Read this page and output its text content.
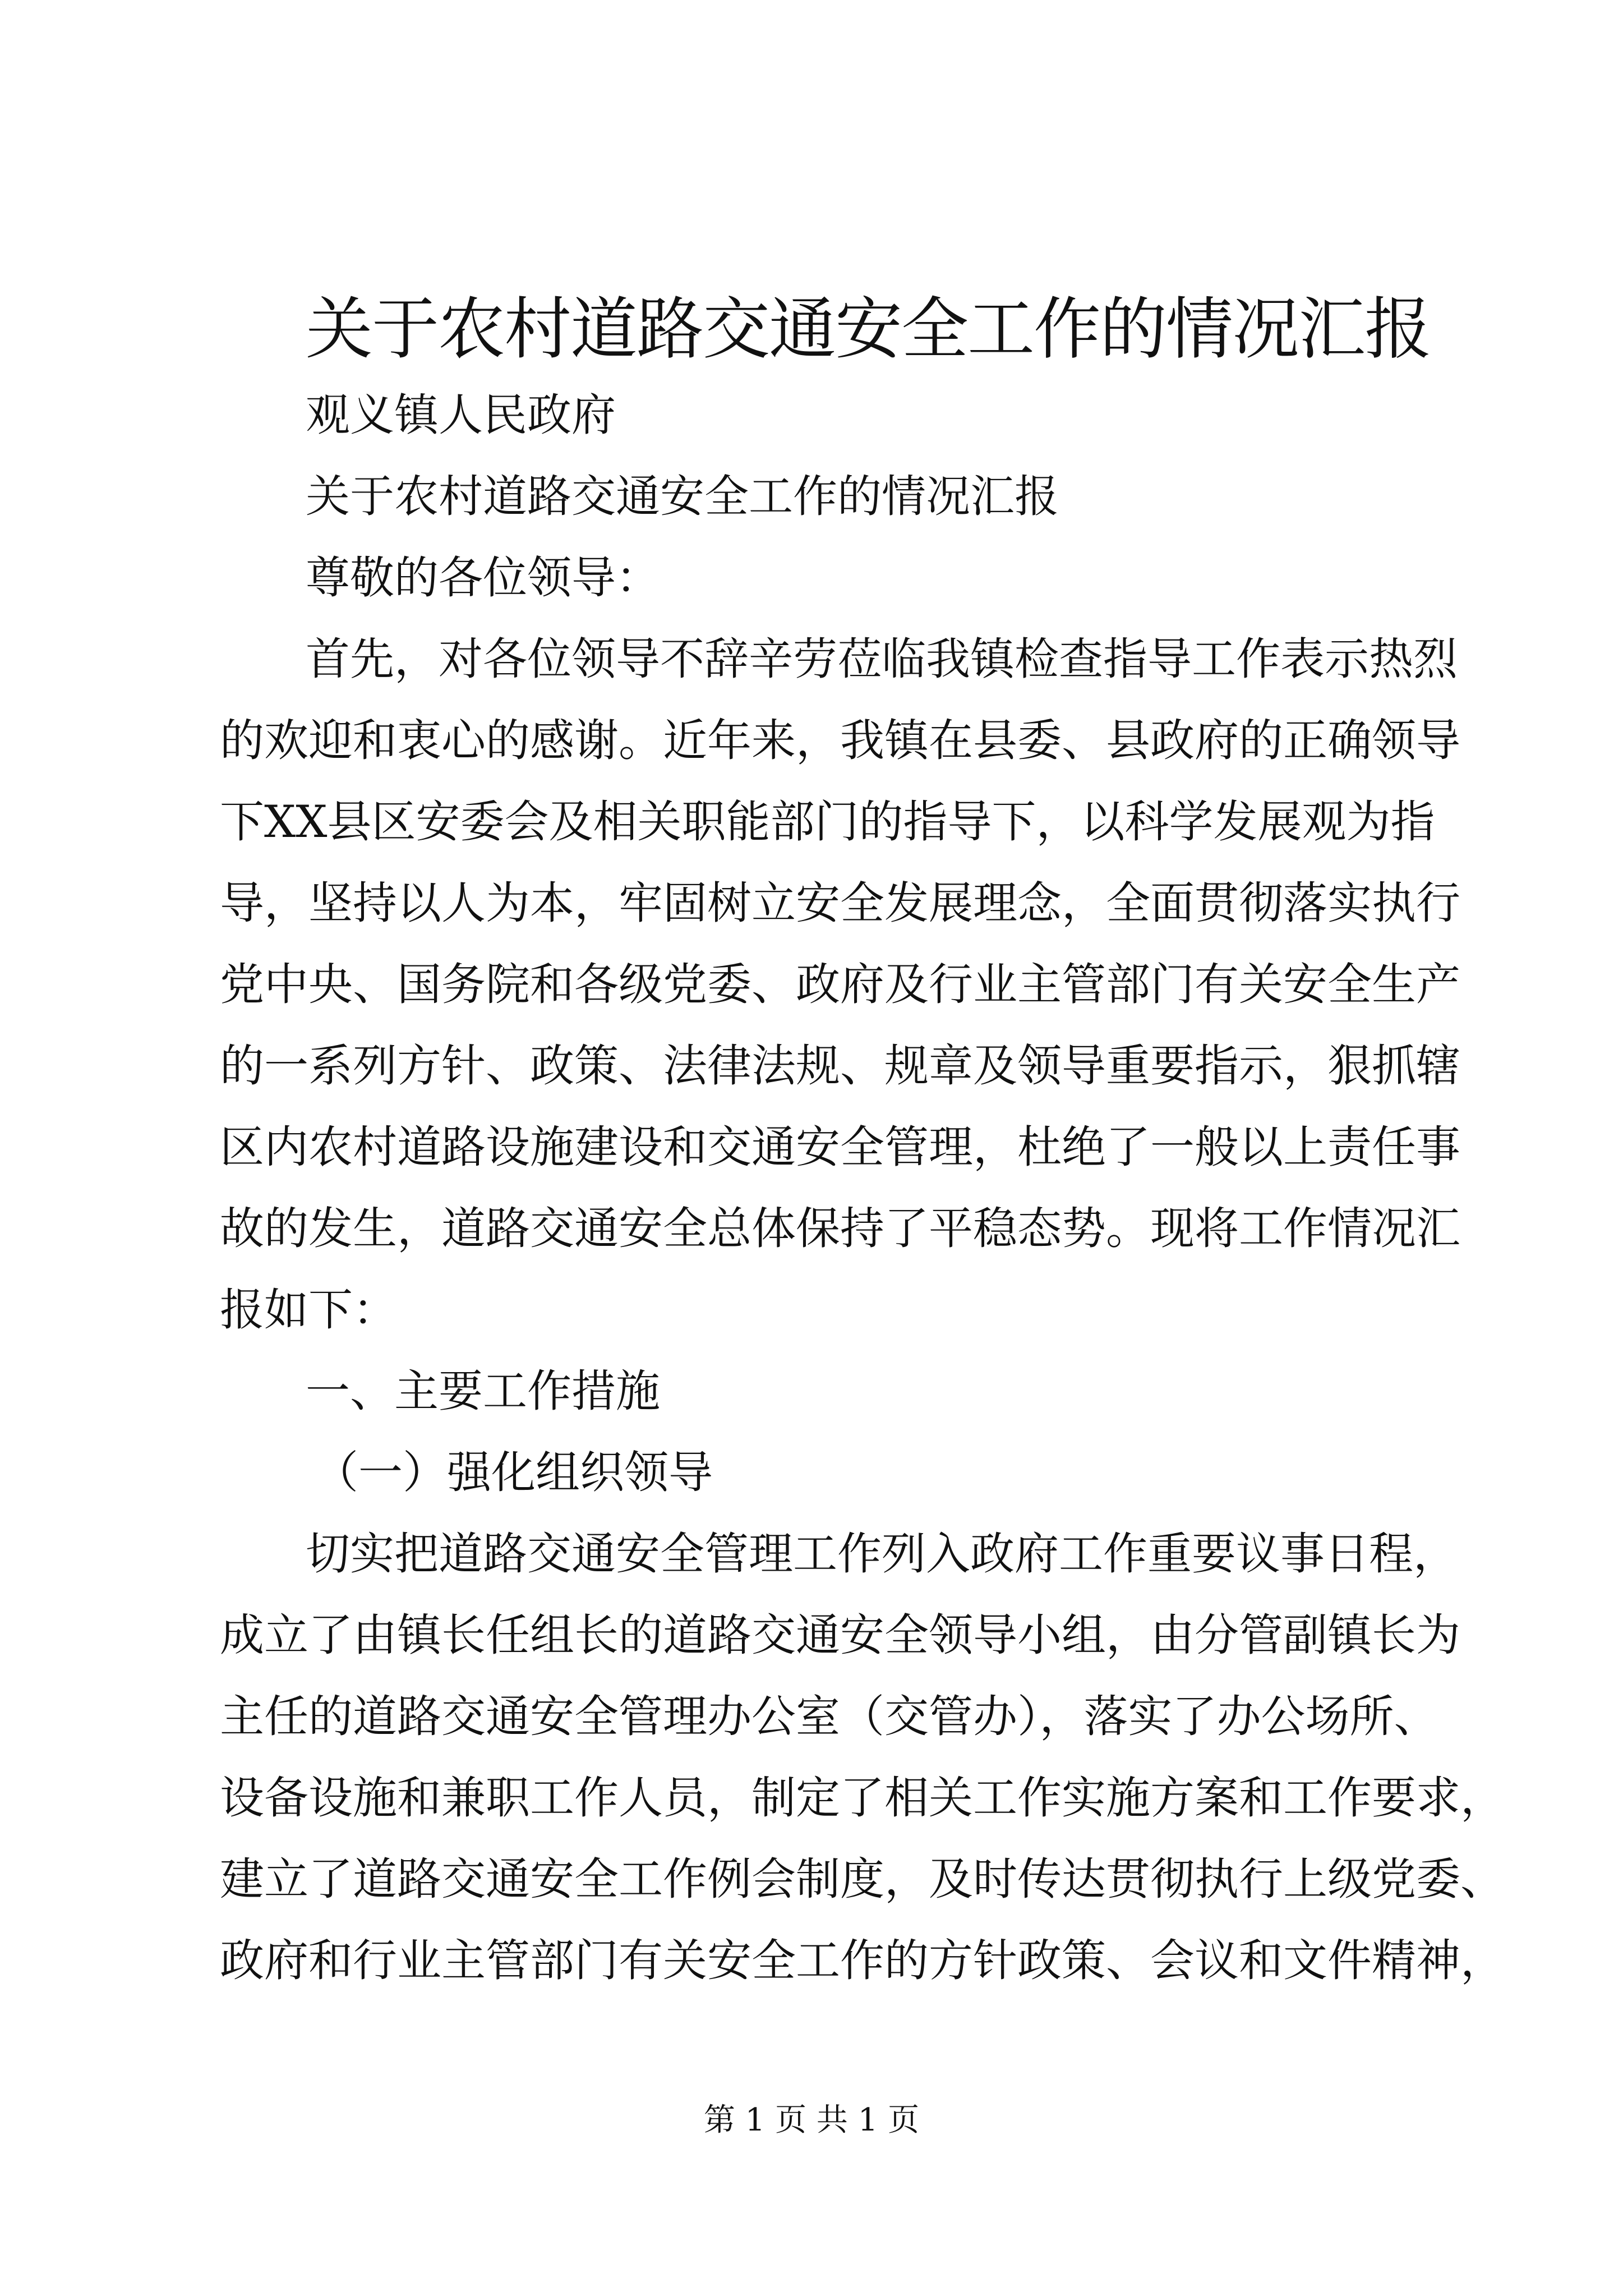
关于农村道路交通安全工作的情况汇报

观义镇人民政府

关于农村道路交通安全工作的情况汇报

尊敬的各位领导：

首先，对各位领导不辞辛劳莅临我镇检查指导工作表示热烈

的欢迎和衷心的感谢。近年来，我镇在县委、县政府的正确领导

下XX县区安委会及相关职能部门的指导下，以科学发展观为指

导，坚持以人为本，牢固树立安全发展理念，全面贯彻落实执行

党中央、国务院和各级党委、政府及行业主管部门有关安全生产

的一系列方针、政策、法律法规、规章及领导重要指示，狠抓辖

区内农村道路设施建设和交通安全管理，杜绝了一般以上责任事

故的发生，道路交通安全总体保持了平稳态势。现将工作情况汇

报如下：

一、主要工作措施

（一）强化组织领导

切实把道路交通安全管理工作列入政府工作重要议事日程，

成立了由镇长任组长的道路交通安全领导小组，由分管副镇长为

主任的道路交通安全管理办公室（交管办），落实了办公场所、

设备设施和兼职工作人员，制定了相关工作实施方案和工作要求，

建立了道路交通安全工作例会制度，及时传达贯彻执行上级党委、

政府和行业主管部门有关安全工作的方针政策、会议和文件精神，

第 1 页 共 1 页
